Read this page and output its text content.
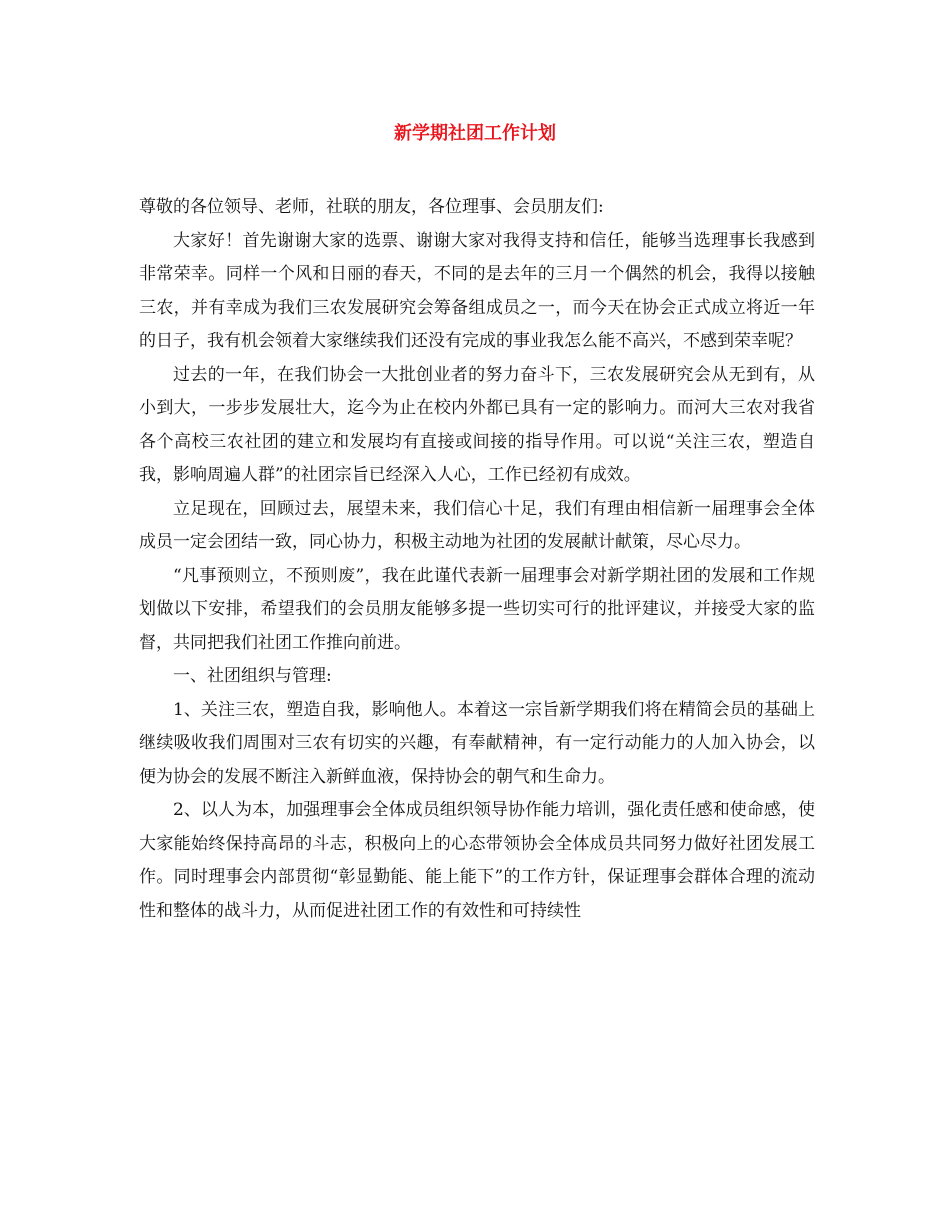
新学期社团工作计划

尊敬的各位领导、老师，社联的朋友，各位理事、会员朋友们:

大家好！首先谢谢大家的选票、谢谢大家对我得支持和信任，能够当选理事长我感到非常荣幸。同样一个风和日丽的春天，不同的是去年的三月一个偶然的机会，我得以接触三农，并有幸成为我们三农发展研究会筹备组成员之一，而今天在协会正式成立将近一年的日子，我有机会领着大家继续我们还没有完成的事业我怎么能不高兴，不感到荣幸呢？

过去的一年，在我们协会一大批创业者的努力奋斗下，三农发展研究会从无到有，从小到大，一步步发展壮大，迄今为止在校内外都已具有一定的影响力。而河大三农对我省各个高校三农社团的建立和发展均有直接或间接的指导作用。可以说“关注三农，塑造自我，影响周遍人群”的社团宗旨已经深入人心，工作已经初有成效。

立足现在，回顾过去，展望未来，我们信心十足，我们有理由相信新一届理事会全体成员一定会团结一致，同心协力，积极主动地为社团的发展献计献策，尽心尽力。

“凡事预则立，不预则废”，我在此谨代表新一届理事会对新学期社团的发展和工作规划做以下安排，希望我们的会员朋友能够多提一些切实可行的批评建议，并接受大家的监督，共同把我们社团工作推向前进。

一、社团组织与管理:

1、关注三农，塑造自我，影响他人。本着这一宗旨新学期我们将在精简会员的基础上继续吸收我们周围对三农有切实的兴趣，有奉献精神，有一定行动能力的人加入协会，以便为协会的发展不断注入新鲜血液，保持协会的朝气和生命力。

2、以人为本，加强理事会全体成员组织领导协作能力培训，强化责任感和使命感，使大家能始终保持高昂的斗志，积极向上的心态带领协会全体成员共同努力做好社团发展工作。同时理事会内部贯彻“彰显勤能、能上能下”的工作方针，保证理事会群体合理的流动性和整体的战斗力，从而促进社团工作的有效性和可持续性
